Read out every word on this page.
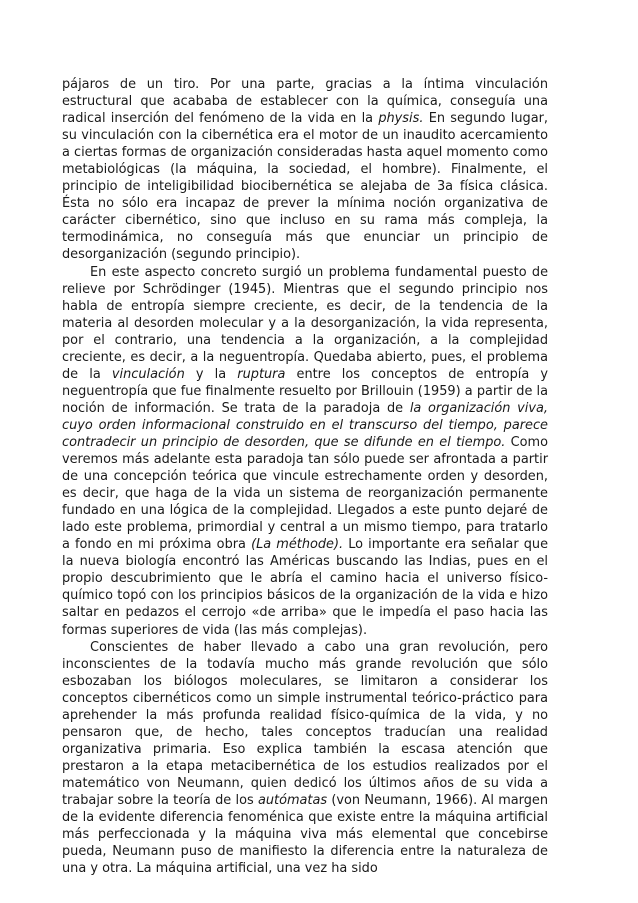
pájaros de un tiro. Por una parte, gracias a la íntima vinculación estructural que acababa de establecer con la química, conseguía una radical inserción del fenómeno de la vida en la physis. En segundo lugar, su vinculación con la cibernética era el motor de un inaudito acercamiento a ciertas formas de organización consideradas hasta aquel momento como metabiológicas (la máquina, la sociedad, el hombre). Finalmente, el principio de inteligibilidad biocibernética se alejaba de 3a física clásica. Ésta no sólo era incapaz de prever la mínima noción organizativa de carácter cibernético, sino que incluso en su rama más compleja, la termodinámica, no conseguía más que enunciar un principio de desorganización (segundo principio).

En este aspecto concreto surgió un problema fundamental puesto de relieve por Schrödinger (1945). Mientras que el segundo principio nos habla de entropía siempre creciente, es decir, de la tendencia de la materia al desorden molecular y a la desorganización, la vida representa, por el contrario, una tendencia a la organización, a la complejidad creciente, es decir, a la neguentropía. Quedaba abierto, pues, el problema de la vinculación y la ruptura entre los conceptos de entropía y neguentropía que fue finalmente resuelto por Brillouin (1959) a partir de la noción de información. Se trata de la paradoja de la organización viva, cuyo orden informacional construido en el transcurso del tiempo, parece contradecir un principio de desorden, que se difunde en el tiempo. Como veremos más adelante esta paradoja tan sólo puede ser afrontada a partir de una concepción teórica que vincule estrechamente orden y desorden, es decir, que haga de la vida un sistema de reorganización permanente fundado en una lógica de la complejidad. Llegados a este punto dejaré de lado este problema, primordial y central a un mismo tiempo, para tratarlo a fondo en mi próxima obra (La méthode). Lo importante era señalar que la nueva biología encontró las Américas buscando las Indias, pues en el propio descubrimiento que le abría el camino hacia el universo físico-químico topó con los principios básicos de la organización de la vida e hizo saltar en pedazos el cerrojo «de arriba» que le impedía el paso hacia las formas superiores de vida (las más complejas).

Conscientes de haber llevado a cabo una gran revolución, pero inconscientes de la todavía mucho más grande revolución que sólo esbozaban los biólogos moleculares, se limitaron a considerar los conceptos cibernéticos como un simple instrumental teórico-práctico para aprehender la más profunda realidad físico-química de la vida, y no pensaron que, de hecho, tales conceptos traducían una realidad organizativa primaria. Eso explica también la escasa atención que prestaron a la etapa metacibernética de los estudios realizados por el matemático von Neumann, quien dedicó los últimos años de su vida a trabajar sobre la teoría de los autómatas (von Neumann, 1966). Al margen de la evidente diferencia fenoménica que existe entre la máquina artificial más perfeccionada y la máquina viva más elemental que concebirse pueda, Neumann puso de manifiesto la diferencia entre la naturaleza de una y otra. La máquina artificial, una vez ha sido
